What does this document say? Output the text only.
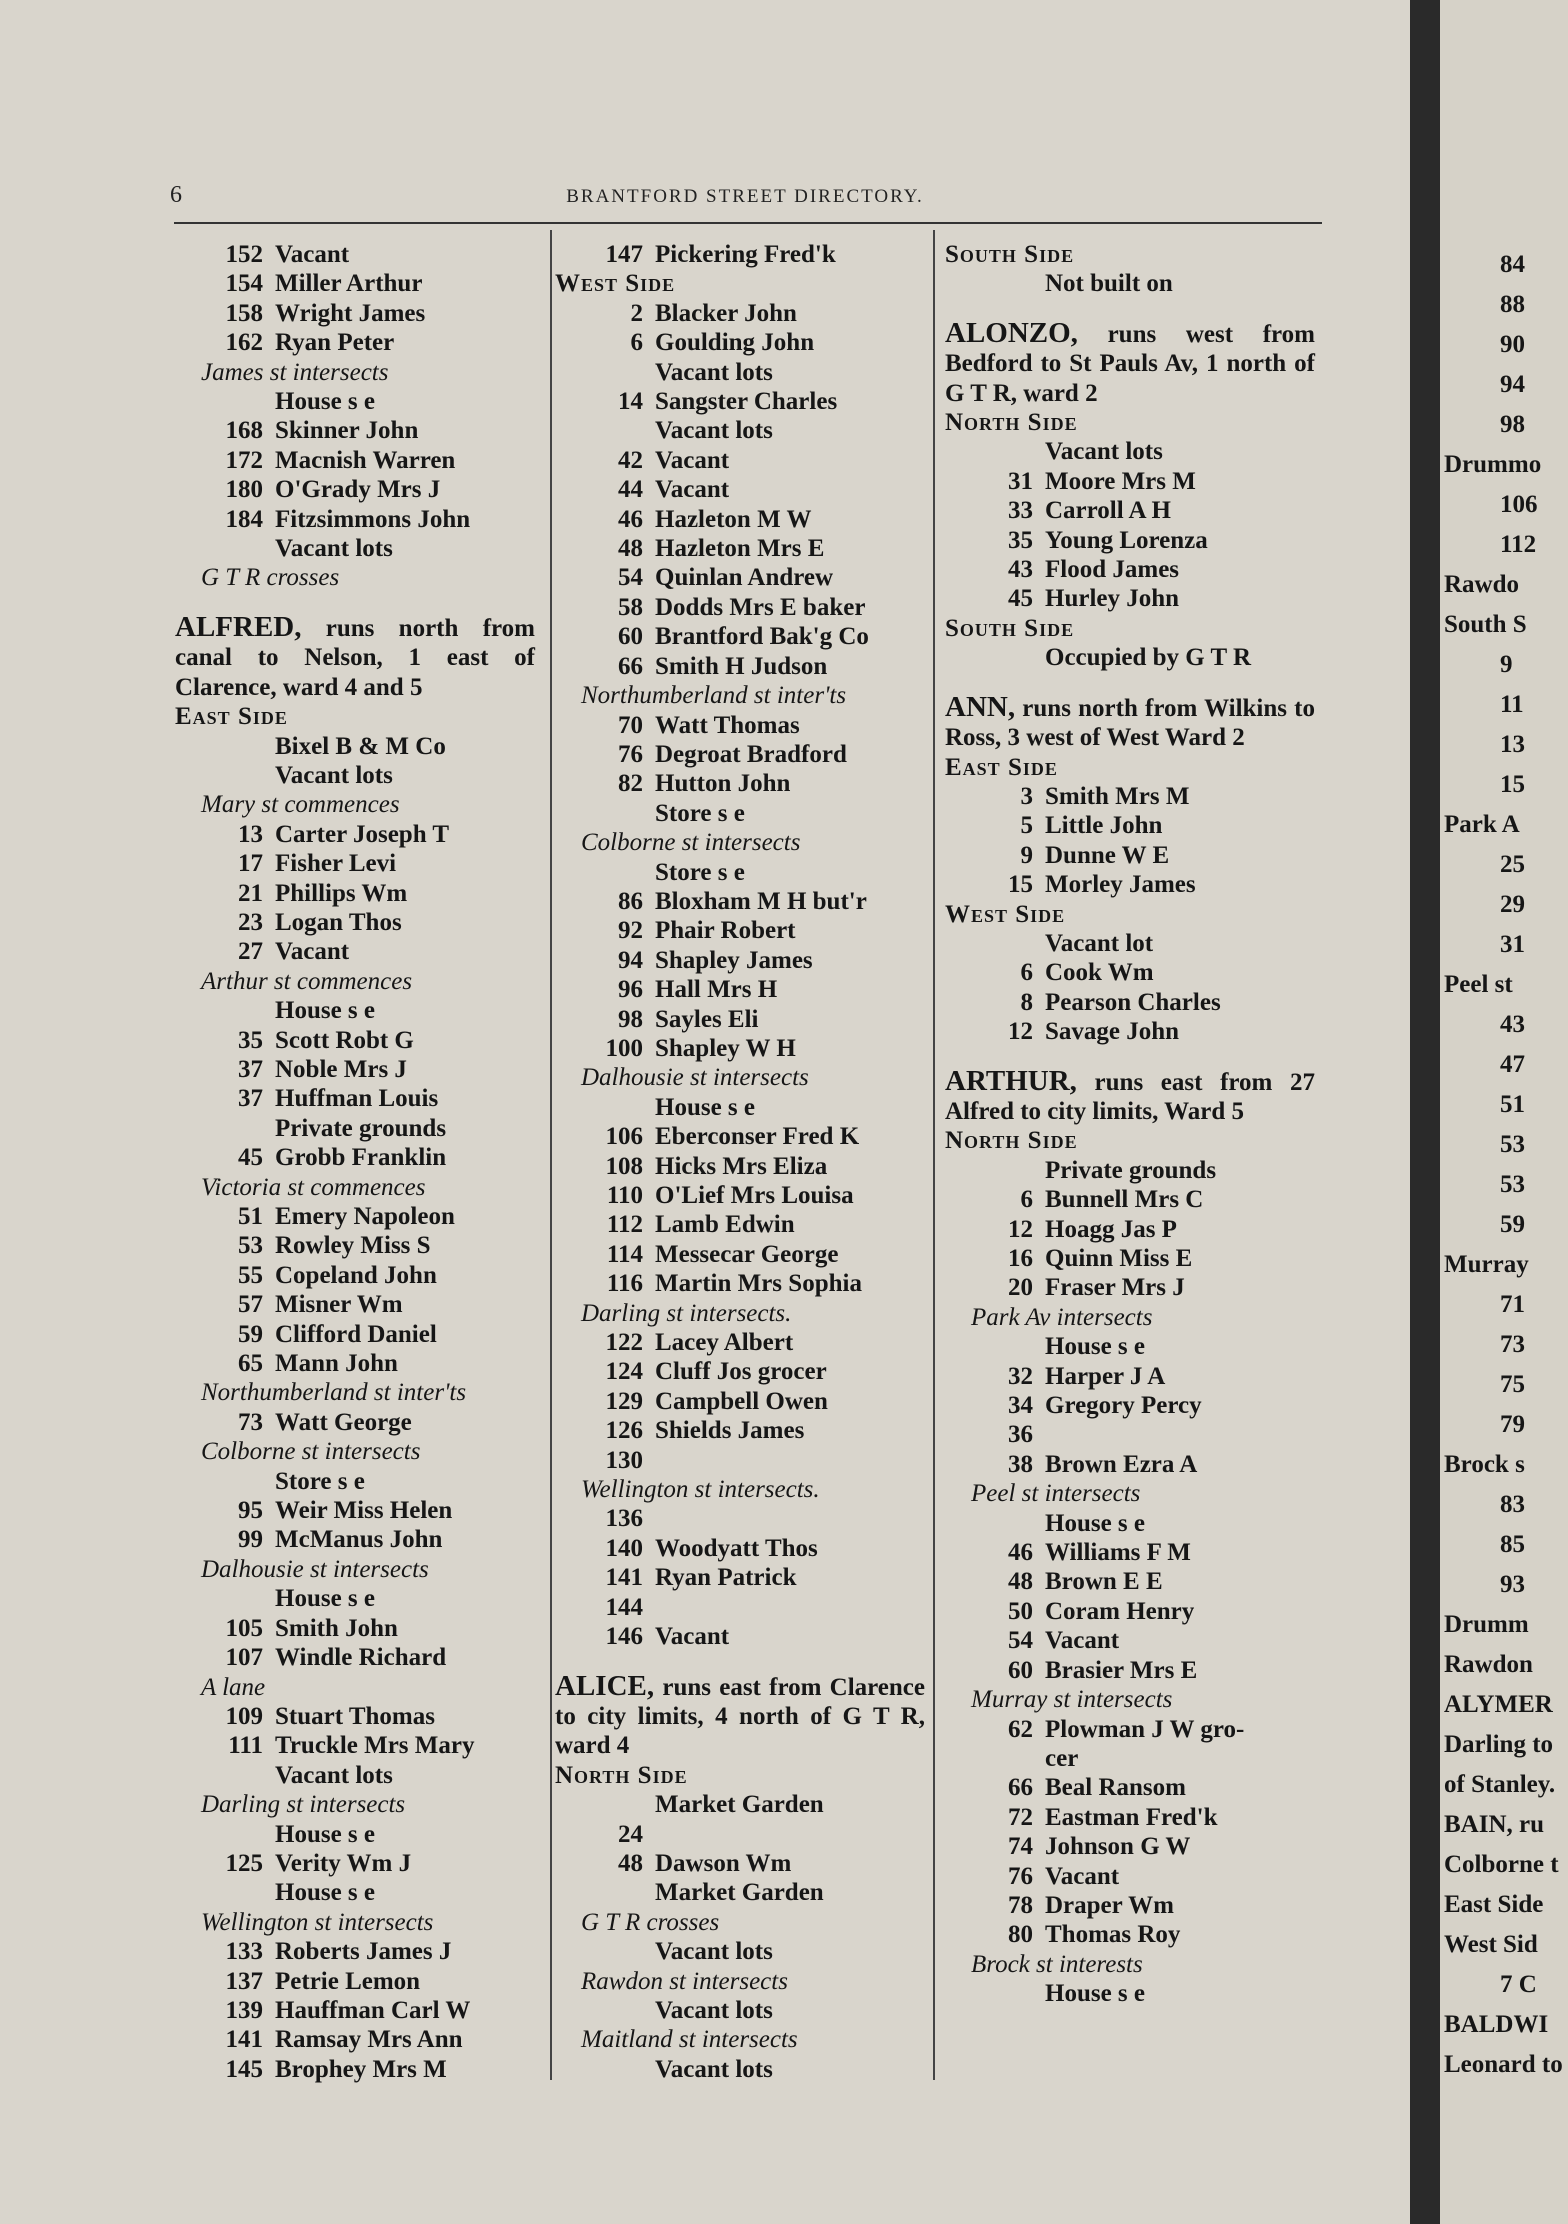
6	BRANTFORD STREET DIRECTORY.
152 Vacant
154 Miller Arthur
158 Wright James
162 Ryan Peter
James st intersects
House s e
168 Skinner John
172 Macnish Warren
180 O'Grady Mrs J
184 Fitzsimmons John
Vacant lots
G T R crosses
ALFRED, runs north from canal to Nelson, 1 east of Clarence, ward 4 and 5
East Side
Bixel B & M Co
Vacant lots
Mary st commences
13 Carter Joseph T
17 Fisher Levi
21 Phillips Wm
23 Logan Thos
27 Vacant
Arthur st commences
House s e
35 Scott Robt G
37 Noble Mrs J
37 Huffman Louis
Private grounds
45 Grobb Franklin
Victoria st commences
51 Emery Napoleon
53 Rowley Miss S
55 Copeland John
57 Misner Wm
59 Clifford Daniel
65 Mann John
Northumberland st inter'ts
73 Watt George
Colborne st intersects
Store s e
95 Weir Miss Helen
99 McManus John
Dalhousie st intersects
House s e
105 Smith John
107 Windle Richard
A lane
109 Stuart Thomas
111 Truckle Mrs Mary
Vacant lots
Darling st intersects
House s e
125 Verity Wm J
House s e
Wellington st intersects
133 Roberts James J
137 Petrie Lemon
139 Hauffman Carl W
141 Ramsay Mrs Ann
145 Brophey Mrs M
147 Pickering Fred'k
West Side
2 Blacker John
6 Goulding John
Vacant lots
14 Sangster Charles
Vacant lots
42 Vacant
44 Vacant
46 Hazleton M W
48 Hazleton Mrs E
54 Quinlan Andrew
58 Dodds Mrs E baker
60 Brantford Bak'g Co
66 Smith H Judson
Northumberland st inter'ts
70 Watt Thomas
76 Degroat Bradford
82 Hutton John
Store s e
Colborne st intersects
Store s e
86 Bloxham M H but'r
92 Phair Robert
94 Shapley James
96 Hall Mrs H
98 Sayles Eli
100 Shapley W H
Dalhousie st intersects
House s e
106 Eberconser Fred K
108 Hicks Mrs Eliza
110 O'Lief Mrs Louisa
112 Lamb Edwin
114 Messecar George
116 Martin Mrs Sophia
Darling st intersects.
122 Lacey Albert
124 Cluff Jos grocer
129 Campbell Owen
126 Shields James
130
Wellington st intersects.
136
140 Woodyatt Thos
141 Ryan Patrick
144
146 Vacant
ALICE, runs east from Clarence to city limits, 4 north of G T R, ward 4
North Side
Market Garden
24
48 Dawson Wm
Market Garden
G T R crosses
Vacant lots
Rawdon st intersects
Vacant lots
Maitland st intersects
Vacant lots
South Side
Not built on
ALONZO, runs west from Bedford to St Pauls Av, 1 north of G T R, ward 2
North Side
Vacant lots
31 Moore Mrs M
33 Carroll A H
35 Young Lorenza
43 Flood James
45 Hurley John
South Side
Occupied by G T R
ANN, runs north from Wilkins to Ross, 3 west of West Ward 2
East Side
3 Smith Mrs M
5 Little John
9 Dunne W E
15 Morley James
West Side
Vacant lot
6 Cook Wm
8 Pearson Charles
12 Savage John
ARTHUR, runs east from 27 Alfred to city limits, Ward 5
North Side
Private grounds
6 Bunnell Mrs C
12 Hoagg Jas P
16 Quinn Miss E
20 Fraser Mrs J
Park Av intersects
House s e
32 Harper J A
34 Gregory Percy
36
38 Brown Ezra A
Peel st intersects
House s e
46 Williams F M
48 Brown E E
50 Coram Henry
54 Vacant
60 Brasier Mrs E
Murray st intersects
62 Plowman J W gro-
cer
66 Beal Ransom
72 Eastman Fred'k
74 Johnson G W
76 Vacant
78 Draper Wm
80 Thomas Roy
Brock st interests
House s e
84
88
90
94
98
Drummo
106
112
Rawdo
South S
9
11
13
15
Park A
25
29
31
Peel st
43
47
51
53
53
59
Murray
71
73
75
79
Brock s
83
85
93
Drumm
Rawdon
ALYMER
Darling to
of Stanley.
BAIN, ru
Colborne t
East Side
West Sid
7 C
BALDWI
Leonard to
